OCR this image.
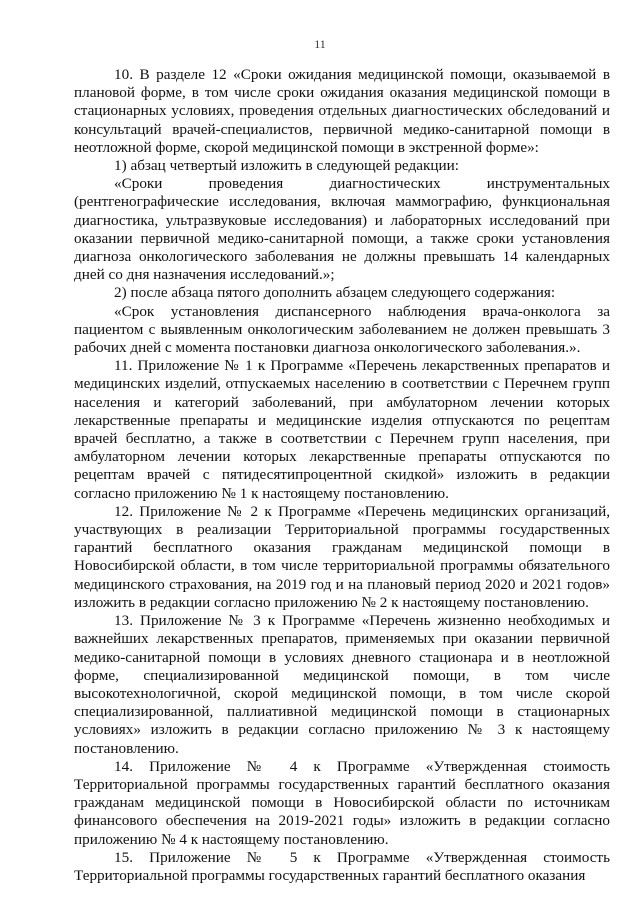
11

10. В разделе 12 «Сроки ожидания медицинской помощи, оказываемой в плановой форме, в том числе сроки ожидания оказания медицинской помощи в стационарных условиях, проведения отдельных диагностических обследований и консультаций врачей-специалистов, первичной медико-санитарной помощи в неотложной форме, скорой медицинской помощи в экстренной форме»:

1) абзац четвертый изложить в следующей редакции:

«Сроки проведения диагностических инструментальных (рентгенографические исследования, включая маммографию, функциональная диагностика, ультразвуковые исследования) и лабораторных исследований при оказании первичной медико-санитарной помощи, а также сроки установления диагноза онкологического заболевания не должны превышать 14 календарных дней со дня назначения исследований.»;

2) после абзаца пятого дополнить абзацем следующего содержания:

«Срок установления диспансерного наблюдения врача-онколога за пациентом с выявленным онкологическим заболеванием не должен превышать 3 рабочих дней с момента постановки диагноза онкологического заболевания.».

11. Приложение № 1 к Программе «Перечень лекарственных препаратов и медицинских изделий, отпускаемых населению в соответствии с Перечнем групп населения и категорий заболеваний, при амбулаторном лечении которых лекарственные препараты и медицинские изделия отпускаются по рецептам врачей бесплатно, а также в соответствии с Перечнем групп населения, при амбулаторном лечении которых лекарственные препараты отпускаются по рецептам врачей с пятидесятипроцентной скидкой» изложить в редакции согласно приложению № 1 к настоящему постановлению.

12. Приложение № 2 к Программе «Перечень медицинских организаций, участвующих в реализации Территориальной программы государственных гарантий бесплатного оказания гражданам медицинской помощи в Новосибирской области, в том числе территориальной программы обязательного медицинского страхования, на 2019 год и на плановый период 2020 и 2021 годов» изложить в редакции согласно приложению № 2 к настоящему постановлению.

13. Приложение № 3 к Программе «Перечень жизненно необходимых и важнейших лекарственных препаратов, применяемых при оказании первичной медико-санитарной помощи в условиях дневного стационара и в неотложной форме, специализированной медицинской помощи, в том числе высокотехнологичной, скорой медицинской помощи, в том числе скорой специализированной, паллиативной медицинской помощи в стационарных условиях» изложить в редакции согласно приложению № 3 к настоящему постановлению.

14. Приложение № 4 к Программе «Утвержденная стоимость Территориальной программы государственных гарантий бесплатного оказания гражданам медицинской помощи в Новосибирской области по источникам финансового обеспечения на 2019-2021 годы» изложить в редакции согласно приложению № 4 к настоящему постановлению.

15. Приложение № 5 к Программе «Утвержденная стоимость Территориальной программы государственных гарантий бесплатного оказания
